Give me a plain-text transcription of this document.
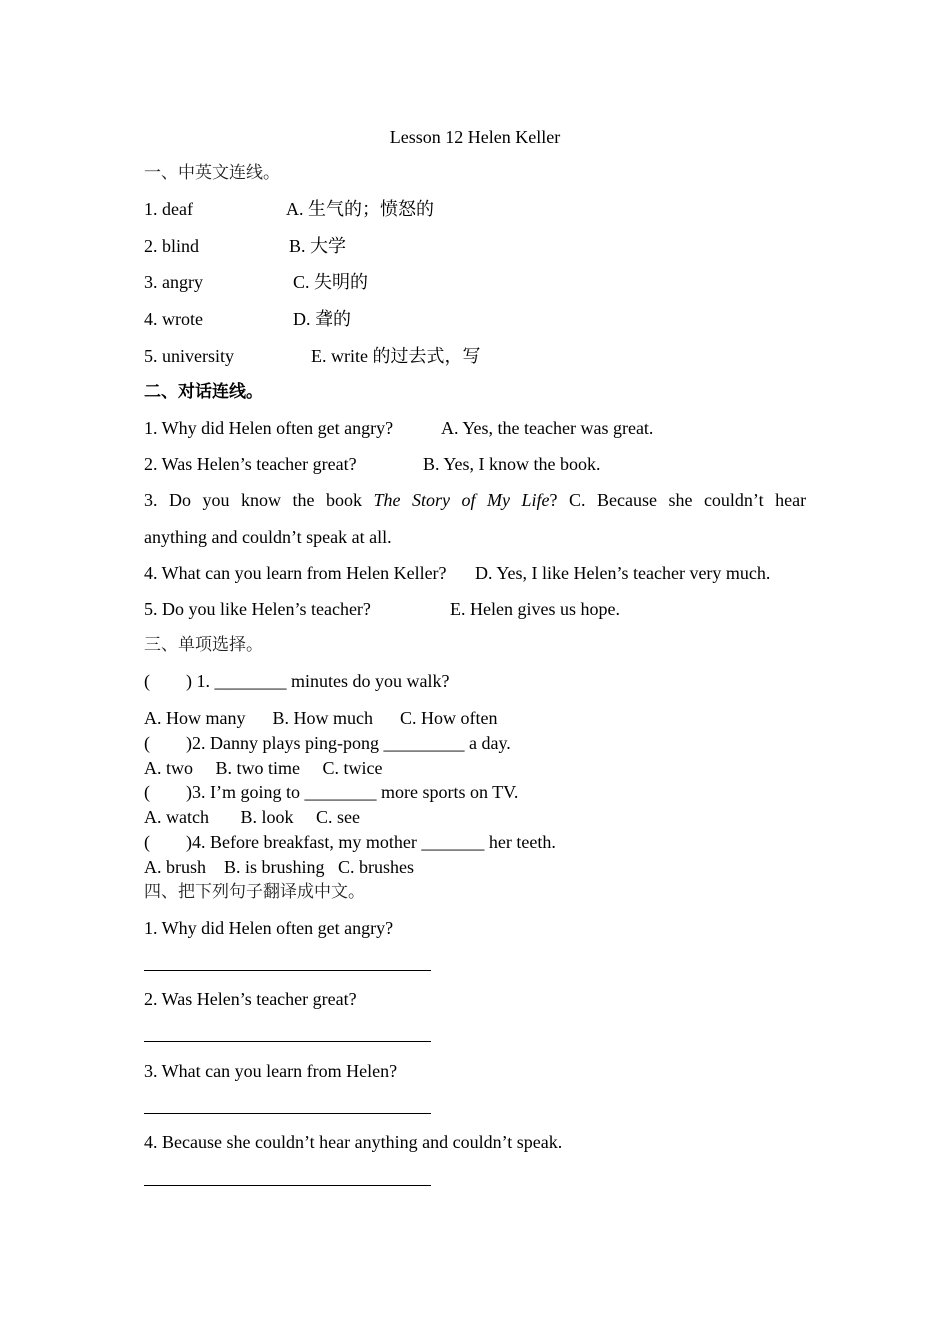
Lesson 12 Helen Keller
一、中英文连线。
1. deaf	A. 生气的；愤怒的
2. blind	B. 大学
3. angry	C. 失明的
4. wrote	D. 聋的
5. university	E. write 的过去式，写
二、对话连线。
1. Why did Helen often get angry?	A. Yes, the teacher was great.
2. Was Helen’s teacher great?	B. Yes, I know the book.
3. Do you know the book The Story of My Life? C. Because she couldn’t hear
anything and couldn’t speak at all.
4. What can you learn from Helen Keller? D. Yes, I like Helen’s teacher very much.
5. Do you like Helen’s teacher?	E. Helen gives us hope.
三、单项选择。
(        ) 1. ________ minutes do you walk?
A. How many      B. How much      C. How often
(        )2. Danny plays ping-pong _________ a day.
A. two     B. two time     C. twice
(        )3. I’m going to ________ more sports on TV.
A. watch       B. look     C. see
(        )4. Before breakfast, my mother _______ her teeth.
A. brush    B. is brushing   C. brushes
四、把下列句子翻译成中文。
1. Why did Helen often get angry?
2. Was Helen’s teacher great?
3. What can you learn from Helen?
4. Because she couldn’t hear anything and couldn’t speak.
